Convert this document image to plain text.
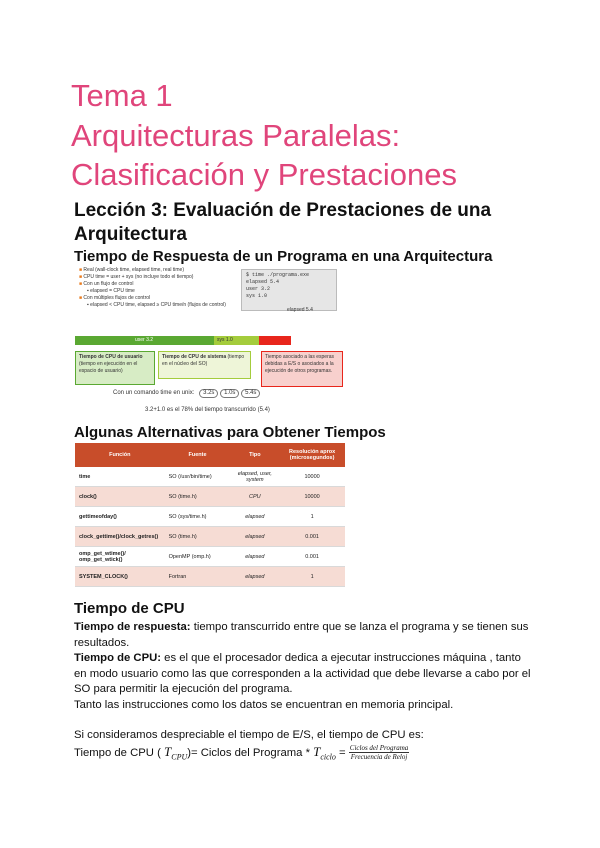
Tema 1
Arquitecturas Paralelas:
Clasificación y Prestaciones
Lección 3: Evaluación de Prestaciones de una
Arquitectura
Tiempo de Respuesta de un Programa en una Arquitectura
■ Real (wall-clock time, elapsed time, real time)
■ CPU time = user + sys (no incluye todo el tiempo)
■ Con un flujo de control
▪ elapsed = CPU time
■ Con múltiples flujos de control
▪ elapsed < CPU time, elapsed ≥ CPU time/n (flujos de control)
$ time ./programa.exe
elapsed 5.4
user 3.2
sys 1.0
elapsed 5.4
user 3.2	sys 1.0
Tiempo de CPU de usuario (tiempo en ejecución en el espacio de usuario)
Tiempo de CPU de sistema (tiempo en el núcleo del SO)
Tiempo asociado a las esperas debidas a E/S o asociados a la ejecución de otros programas.
Con un comando time en unix: 3.2s 1.0s 5.4s
3.2+1.0 es el 78% del tiempo transcurrido (5.4)
Algunas Alternativas para Obtener Tiempos
Función	Fuente	Tipo	Resolución aprox (microsegundos)
time	SO (/usr/bin/time)	elapsed, user, system	10000
clock()	SO (time.h)	CPU	10000
gettimeofday()	SO (sys/time.h)	elapsed	1
clock_gettime()/clock_getres()	SO (time.h)	elapsed	0.001
omp_get_wtime()/ omp_get_wtick()	OpenMP (omp.h)	elapsed	0.001
SYSTEM_CLOCK()	Fortran	elapsed	1
Tiempo de CPU
Tiempo de respuesta: tiempo transcurrido entre que se lanza el programa y se tienen sus resultados.
Tiempo de CPU: es el que el procesador dedica a ejecutar instrucciones máquina , tanto en modo usuario como las que corresponden a la actividad que debe llevarse a cabo por el SO para permitir la ejecución del programa.
Tanto las instrucciones como los datos se encuentran en memoria principal.
Si consideramos despreciable el tiempo de E/S, el tiempo de CPU es:
Tiempo de CPU ( $T_{CPU})=$ Ciclos del Programa * $T_{ciclo} = \frac{\text{Ciclos del Programa}}{\text{Frecuencia de Reloj}}$
